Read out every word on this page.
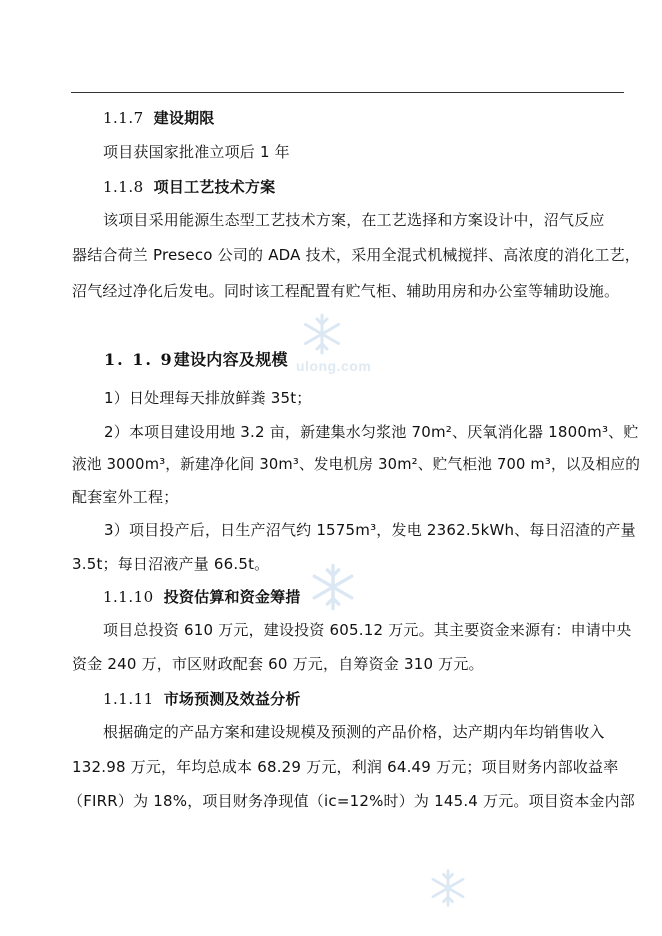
ulong.com
1.1.7 建设期限
项目获国家批准立项后 1 年
1.1.8 项目工艺技术方案
该项目采用能源生态型工艺技术方案，在工艺选择和方案设计中，沼气反应
器结合荷兰 Preseco 公司的 ADA 技术，采用全混式机械搅拌、高浓度的消化工艺，
沼气经过净化后发电。同时该工程配置有贮气柜、辅助用房和办公室等辅助设施。
1. 1. 9建设内容及规模
1）日处理每天排放鲜粪 35t；
2）本项目建设用地 3.2 亩，新建集水匀浆池 70m²、厌氧消化器 1800m³、贮
液池 3000m³，新建净化间 30m³、发电机房 30m²、贮气柜池 700 m³，以及相应的
配套室外工程；
3）项目投产后，日生产沼气约 1575m³，发电 2362.5kWh、每日沼渣的产量
3.5t；每日沼液产量 66.5t。
1.1.10 投资估算和资金筹措
项目总投资 610 万元，建设投资 605.12 万元。其主要资金来源有：申请中央
资金 240 万，市区财政配套 60 万元，自筹资金 310 万元。
1.1.11 市场预测及效益分析
根据确定的产品方案和建设规模及预测的产品价格，达产期内年均销售收入
132.98 万元，年均总成本 68.29 万元，利润 64.49 万元；项目财务内部收益率
（FIRR）为 18%，项目财务净现值（ic=12%时）为 145.4 万元。项目资本金内部
